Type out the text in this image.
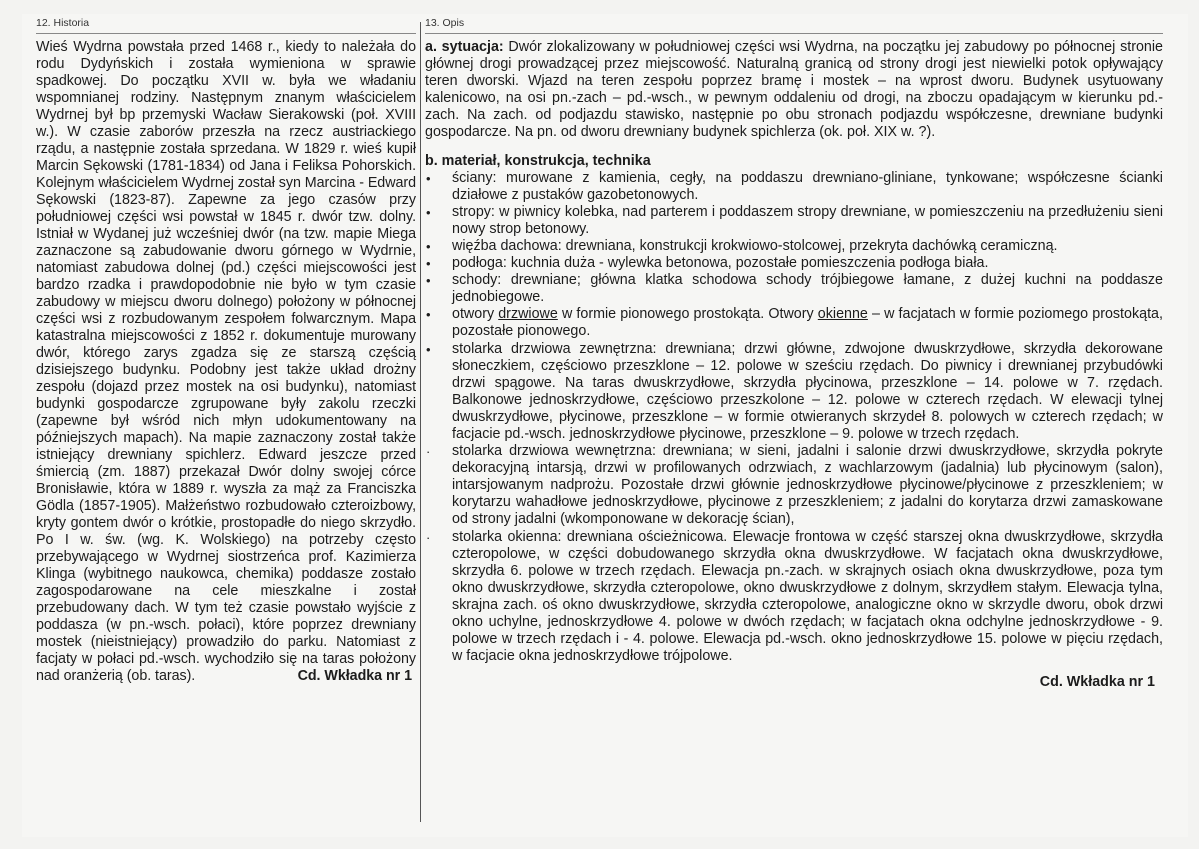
12. Historia

Wieś Wydrna powstała przed 1468 r., kiedy to należała do rodu Dydyńskich i została wymieniona w sprawie spadkowej. Do początku XVII w. była we władaniu wspomnianej rodziny. Następnym znanym właścicielem Wydrnej był bp przemyski Wacław Sierakowski (poł. XVIII w.). W czasie zaborów przeszła na rzecz austriackiego rządu, a następnie została sprzedana. W 1829 r. wieś kupił Marcin Sękowski (1781-1834) od Jana i Feliksa Pohorskich. Kolejnym właścicielem Wydrnej został syn Marcina - Edward Sękowski (1823-87). Zapewne za jego czasów przy południowej części wsi powstał w 1845 r. dwór tzw. dolny. Istniał w Wydanej już wcześniej dwór (na tzw. mapie Miega zaznaczone są zabudowanie dworu górnego w Wydrnie, natomiast zabudowa dolnej (pd.) części miejscowości jest bardzo rzadka i prawdopodobnie nie było w tym czasie zabudowy w miejscu dworu dolnego) położony w północnej części wsi z rozbudowanym zespołem folwarcznym. Mapa katastralna miejscowości z 1852 r. dokumentuje murowany dwór, którego zarys zgadza się ze starszą częścią dzisiejszego budynku. Podobny jest także układ drożny zespołu (dojazd przez mostek na osi budynku), natomiast budynki gospodarcze zgrupowane były zakolu rzeczki (zapewne był wśród nich młyn udokumentowany na późniejszych mapach). Na mapie zaznaczony został także istniejący drewniany spichlerz. Edward jeszcze przed śmiercią (zm. 1887) przekazał Dwór dolny swojej córce Bronisławie, która w 1889 r. wyszła za mąż za Franciszka Gödla (1857-1905). Małżeństwo rozbudowało czteroizbowy, kryty gontem dwór o krótkie, prostopadłe do niego skrzydło. Po I w. św. (wg. K. Wolskiego) na potrzeby często przebywającego w Wydrnej siostrzeńca prof. Kazimierza Klinga (wybitnego naukowca, chemika) poddasze zostało zagospodarowane na cele mieszkalne i został przebudowany dach. W tym też czasie powstało wyjście z poddasza (w pn.-wsch. połaci), które poprzez drewniany mostek (nieistniejący) prowadziło do parku. Natomiast z facjaty w połaci pd.-wsch. wychodziło się na taras położony nad oranżerią (ob. taras).	Cd. Wkładka nr 1

13. Opis

a. sytuacja: Dwór zlokalizowany w południowej części wsi Wydrna, na początku jej zabudowy po północnej stronie głównej drogi prowadzącej przez miejscowość. Naturalną granicą od strony drogi jest niewielki potok opływający teren dworski. Wjazd na teren zespołu poprzez bramę i mostek – na wprost dworu. Budynek usytuowany kalenicowo, na osi pn.-zach – pd.-wsch., w pewnym oddaleniu od drogi, na zboczu opadającym w kierunku pd.-zach. Na zach. od podjazdu stawisko, następnie po obu stronach podjazdu współczesne, drewniane budynki gospodarcze. Na pn. od dworu drewniany budynek spichlerza (ok. poł. XIX w. ?).

b. materiał, konstrukcja, technika
• ściany: murowane z kamienia, cegły, na poddaszu drewniano-gliniane, tynkowane; współczesne ścianki działowe z pustaków gazobetonowych.
• stropy: w piwnicy kolebka, nad parterem i poddaszem stropy drewniane, w pomieszczeniu na przedłużeniu sieni nowy strop betonowy.
• więźba dachowa: drewniana, konstrukcji krokwiowo-stolcowej, przekryta dachówką ceramiczną.
• podłoga: kuchnia duża - wylewka betonowa, pozostałe pomieszczenia podłoga biała.
• schody: drewniane; główna klatka schodowa schody trójbiegowe łamane, z dużej kuchni na poddasze jednobiegowe.
• otwory drzwiowe w formie pionowego prostokąta. Otwory okienne – w facjatach w formie poziomego prostokąta, pozostałe pionowego.
• stolarka drzwiowa zewnętrzna: drewniana; drzwi główne, zdwojone dwuskrzydłowe, skrzydła dekorowane słoneczkiem, częściowo przeszklone – 12. polowe w sześciu rzędach. Do piwnicy i drewnianej przybudówki drzwi spągowe. Na taras dwuskrzydłowe, skrzydła płycinowa, przeszklone – 14. polowe w 7. rzędach. Balkonowe jednoskrzydłowe, częściowo przeszkolone – 12. polowe w czterech rzędach. W elewacji tylnej dwuskrzydłowe, płycinowe, przeszklone – w formie otwieranych skrzydeł 8. polowych w czterech rzędach; w facjacie pd.-wsch. jednoskrzydłowe płycinowe, przeszklone – 9. polowe w trzech rzędach.
· stolarka drzwiowa wewnętrzna: drewniana; w sieni, jadalni i salonie drzwi dwuskrzydłowe, skrzydła pokryte dekoracyjną intarsją, drzwi w profilowanych odrzwiach, z wachlarzowym (jadalnia) lub płycinowym (salon), intarsjowanym nadprożu. Pozostałe drzwi głównie jednoskrzydłowe płycinowe/płycinowe z przeszkleniem; w korytarzu wahadłowe jednoskrzydłowe, płycinowe z przeszkleniem; z jadalni do korytarza drzwi zamaskowane od strony jadalni (wkomponowane w dekorację ścian),
· stolarka okienna: drewniana ościeżnicowa. Elewacje frontowa w część starszej okna dwuskrzydłowe, skrzydła czteropolowe, w części dobudowanego skrzydła okna dwuskrzydłowe. W facjatach okna dwuskrzydłowe, skrzydła 6. polowe w trzech rzędach. Elewacja pn.-zach. w skrajnych osiach okna dwuskrzydłowe, poza tym okno dwuskrzydłowe, skrzydła czteropolowe, okno dwuskrzydłowe z dolnym, skrzydłem stałym. Elewacja tylna, skrajna zach. oś okno dwuskrzydłowe, skrzydła czteropolowe, analogiczne okno w skrzydle dworu, obok drzwi okno uchylne, jednoskrzydłowe 4. polowe w dwóch rzędach; w facjatach okna odchylne jednoskrzydłowe - 9. polowe w trzech rzędach i - 4. polowe. Elewacja pd.-wsch. okno jednoskrzydłowe 15. polowe w pięciu rzędach, w facjacie okna jednoskrzydłowe trójpolowe.
Cd. Wkładka nr 1
